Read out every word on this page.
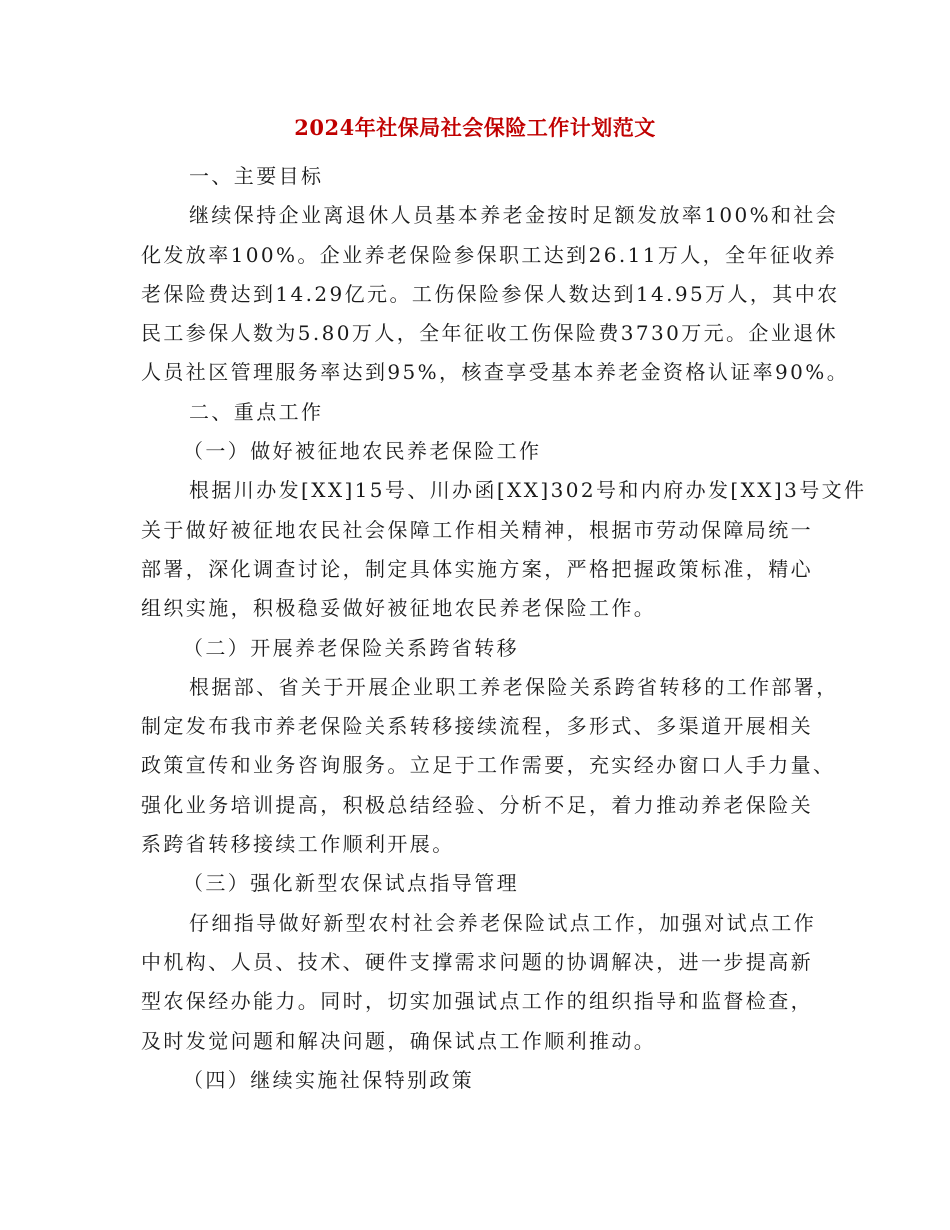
2024年社保局社会保险工作计划范文
一、主要目标
继续保持企业离退休人员基本养老金按时足额发放率100%和社会
化发放率100%。企业养老保险参保职工达到26.11万人，全年征收养
老保险费达到14.29亿元。工伤保险参保人数达到14.95万人，其中农
民工参保人数为5.80万人，全年征收工伤保险费3730万元。企业退休
人员社区管理服务率达到95%，核查享受基本养老金资格认证率90%。
二、重点工作
（一）做好被征地农民养老保险工作
根据川办发[XX]15号、川办函[XX]302号和内府办发[XX]3号文件
关于做好被征地农民社会保障工作相关精神，根据市劳动保障局统一
部署，深化调查讨论，制定具体实施方案，严格把握政策标准，精心
组织实施，积极稳妥做好被征地农民养老保险工作。
（二）开展养老保险关系跨省转移
根据部、省关于开展企业职工养老保险关系跨省转移的工作部署，
制定发布我市养老保险关系转移接续流程，多形式、多渠道开展相关
政策宣传和业务咨询服务。立足于工作需要，充实经办窗口人手力量、
强化业务培训提高，积极总结经验、分析不足，着力推动养老保险关
系跨省转移接续工作顺利开展。
（三）强化新型农保试点指导管理
仔细指导做好新型农村社会养老保险试点工作，加强对试点工作
中机构、人员、技术、硬件支撑需求问题的协调解决，进一步提高新
型农保经办能力。同时，切实加强试点工作的组织指导和监督检查，
及时发觉问题和解决问题，确保试点工作顺利推动。
（四）继续实施社保特别政策
